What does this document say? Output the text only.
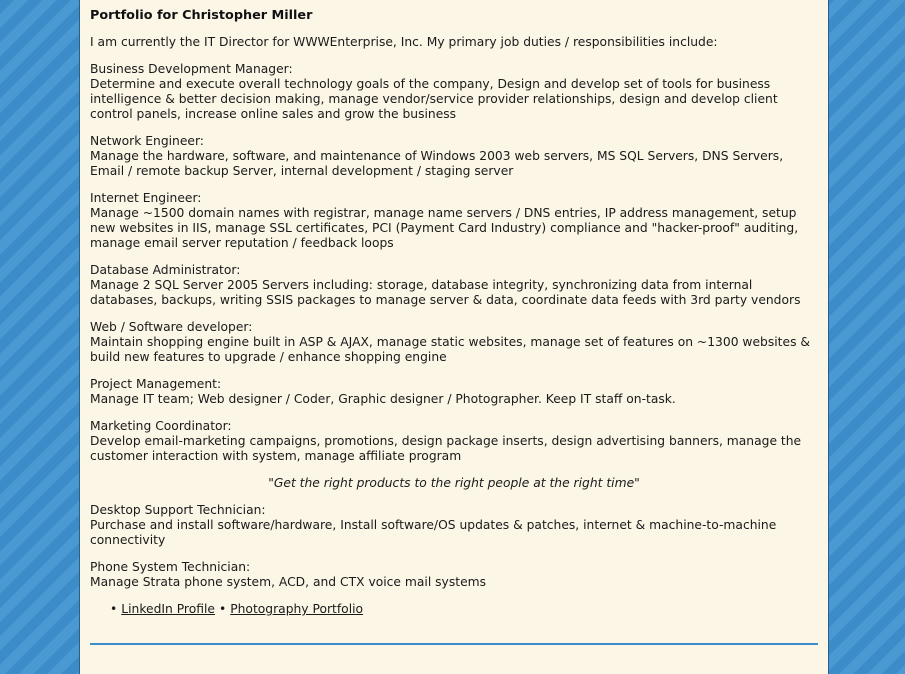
Portfolio for Christopher Miller
I am currently the IT Director for WWWEnterprise, Inc. My primary job duties / responsibilities include:
Business Development Manager:
Determine and execute overall technology goals of the company, Design and develop set of tools for business intelligence & better decision making, manage vendor/service provider relationships, design and develop client control panels, increase online sales and grow the business
Network Engineer:
Manage the hardware, software, and maintenance of Windows 2003 web servers, MS SQL Servers, DNS Servers, Email / remote backup Server, internal development / staging server
Internet Engineer:
Manage ~1500 domain names with registrar, manage name servers / DNS entries, IP address management, setup new websites in IIS, manage SSL certificates, PCI (Payment Card Industry) compliance and "hacker-proof" auditing, manage email server reputation / feedback loops
Database Administrator:
Manage 2 SQL Server 2005 Servers including: storage, database integrity, synchronizing data from internal databases, backups, writing SSIS packages to manage server & data, coordinate data feeds with 3rd party vendors
Web / Software developer:
Maintain shopping engine built in ASP & AJAX, manage static websites, manage set of features on ~1300 websites & build new features to upgrade / enhance shopping engine
Project Management:
Manage IT team; Web designer / Coder, Graphic designer / Photographer. Keep IT staff on-task.
Marketing Coordinator:
Develop email-marketing campaigns, promotions, design package inserts, design advertising banners, manage the customer interaction with system, manage affiliate program
"Get the right products to the right people at the right time"
Desktop Support Technician:
Purchase and install software/hardware, Install software/OS updates & patches, internet & machine-to-machine connectivity
Phone System Technician:
Manage Strata phone system, ACD, and CTX voice mail systems
• LinkedIn Profile • Photography Portfolio
